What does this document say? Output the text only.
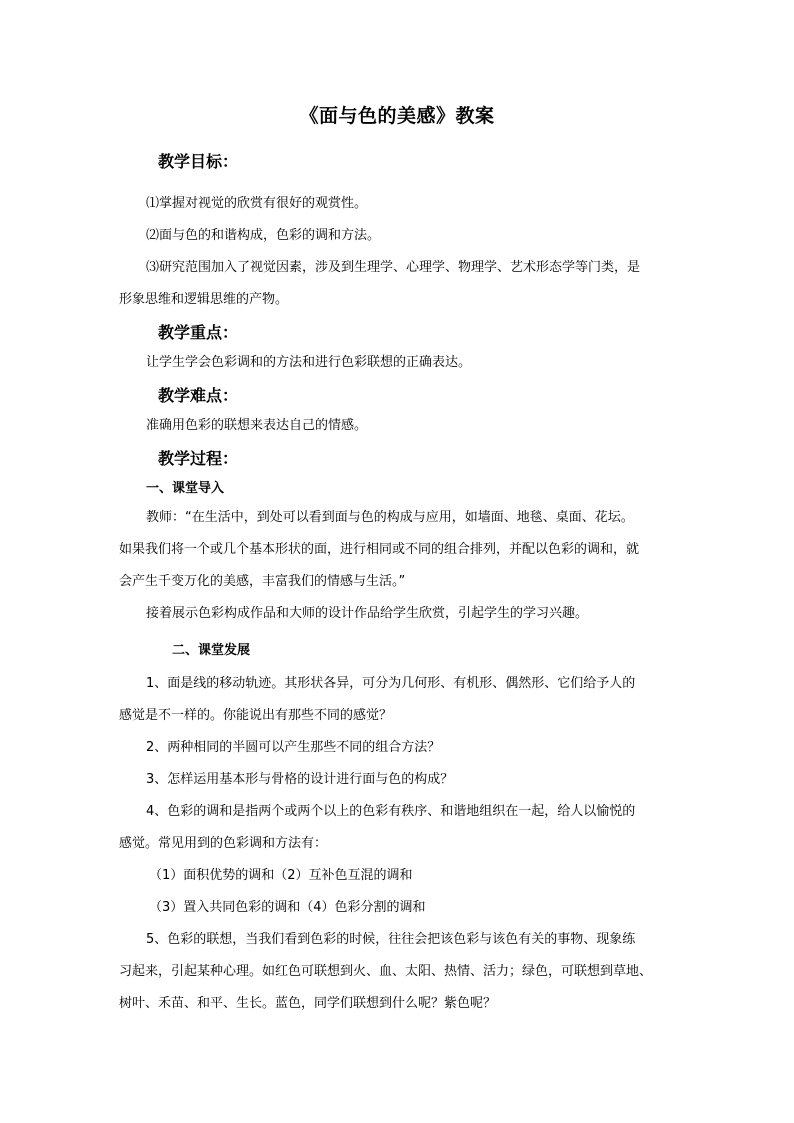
《面与色的美感》教案
教学目标：
⑴掌握对视觉的欣赏有很好的观赏性。
⑵面与色的和谐构成，色彩的调和方法。
⑶研究范围加入了视觉因素，涉及到生理学、心理学、物理学、艺术形态学等门类，是
形象思维和逻辑思维的产物。
教学重点：
让学生学会色彩调和的方法和进行色彩联想的正确表达。
教学难点：
准确用色彩的联想来表达自己的情感。
教学过程：
一、课堂导入
教师：“在生活中，到处可以看到面与色的构成与应用，如墙面、地毯、桌面、花坛。
如果我们将一个或几个基本形状的面，进行相同或不同的组合排列，并配以色彩的调和，就
会产生千变万化的美感，丰富我们的情感与生活。”
接着展示色彩构成作品和大师的设计作品给学生欣赏，引起学生的学习兴趣。
二、课堂发展
1、面是线的移动轨迹。其形状各异，可分为几何形、有机形、偶然形、它们给予人的
感觉是不一样的。你能说出有那些不同的感觉？
2、两种相同的半圆可以产生那些不同的组合方法？
3、怎样运用基本形与骨格的设计进行面与色的构成？
4、色彩的调和是指两个或两个以上的色彩有秩序、和谐地组织在一起，给人以愉悦的
感觉。常见用到的色彩调和方法有：
（1）面积优势的调和（2）互补色互混的调和
（3）置入共同色彩的调和（4）色彩分割的调和
5、色彩的联想，当我们看到色彩的时候，往往会把该色彩与该色有关的事物、现象练
习起来，引起某种心理。如红色可联想到火、血、太阳、热情、活力；绿色，可联想到草地、
树叶、禾苗、和平、生长。蓝色，同学们联想到什么呢？紫色呢？
